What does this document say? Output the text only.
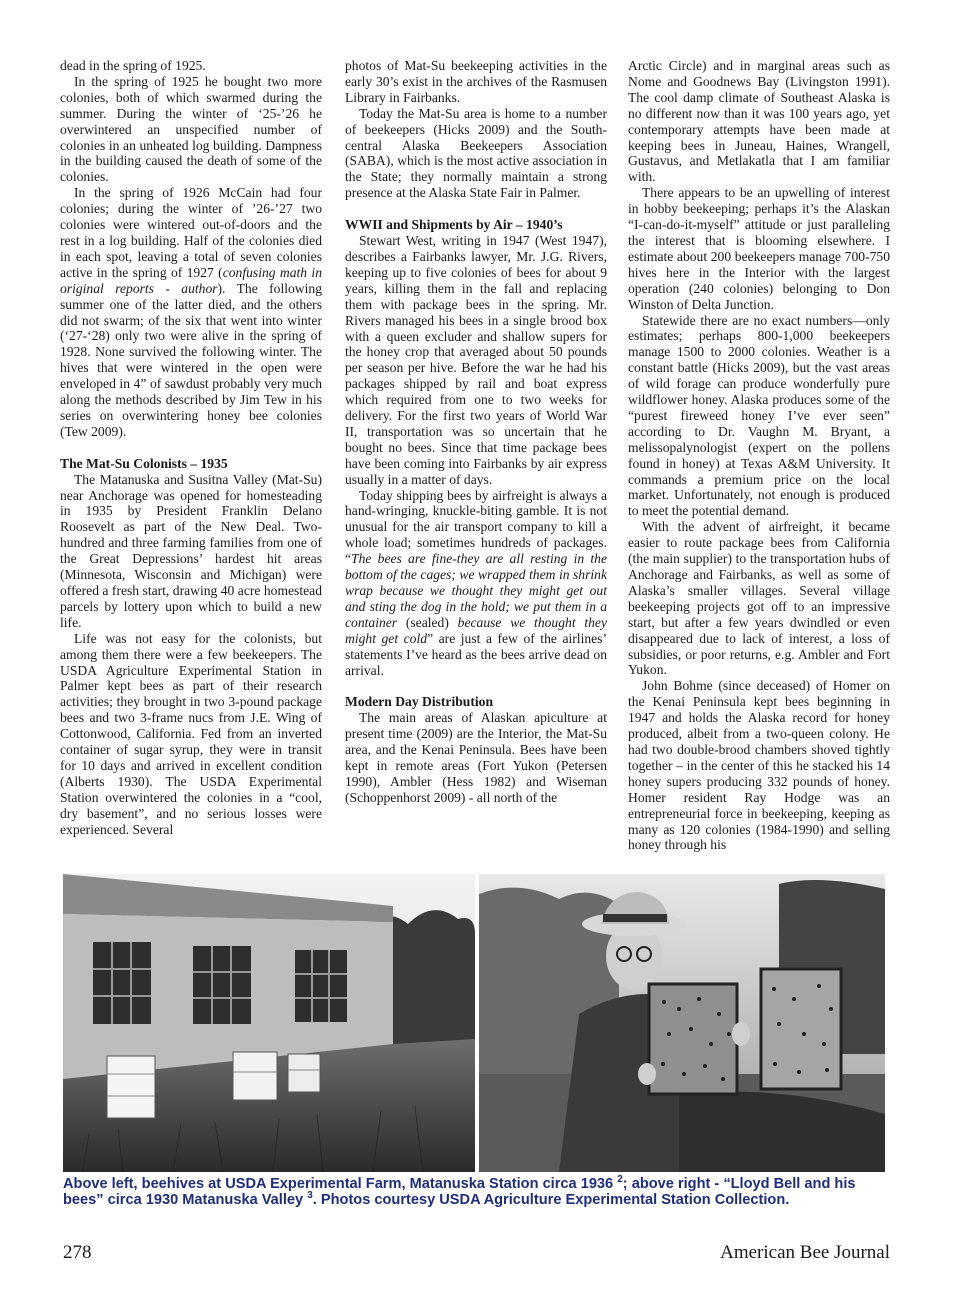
dead in the spring of 1925.

In the spring of 1925 he bought two more colonies, both of which swarmed during the summer. During the winter of ‘25-’26 he overwintered an unspecified number of colonies in an unheated log building. Dampness in the building caused the death of some of the colonies.

In the spring of 1926 McCain had four colonies; during the winter of ’26-’27 two colonies were wintered out-of-doors and the rest in a log building. Half of the colonies died in each spot, leaving a total of seven colonies active in the spring of 1927 (confusing math in original reports - author). The following summer one of the latter died, and the others did not swarm; of the six that went into winter (‘27-‘28) only two were alive in the spring of 1928. None survived the following winter. The hives that were wintered in the open were enveloped in 4” of sawdust probably very much along the methods described by Jim Tew in his series on overwintering honey bee colonies (Tew 2009).

The Mat-Su Colonists – 1935

The Matanuska and Susitna Valley (Mat-Su) near Anchorage was opened for homesteading in 1935 by President Franklin Delano Roosevelt as part of the New Deal. Two-hundred and three farming families from one of the Great Depressions’ hardest hit areas (Minnesota, Wisconsin and Michigan) were offered a fresh start, drawing 40 acre homestead parcels by lottery upon which to build a new life.

Life was not easy for the colonists, but among them there were a few beekeepers. The USDA Agriculture Experimental Station in Palmer kept bees as part of their research activities; they brought in two 3-pound package bees and two 3-frame nucs from J.E. Wing of Cottonwood, California. Fed from an inverted container of sugar syrup, they were in transit for 10 days and arrived in excellent condition (Alberts 1930). The USDA Experimental Station overwintered the colonies in a “cool, dry basement”, and no serious losses were experienced. Several

photos of Mat-Su beekeeping activities in the early 30’s exist in the archives of the Rasmusen Library in Fairbanks.

Today the Mat-Su area is home to a number of beekeepers (Hicks 2009) and the South-central Alaska Beekeepers Association (SABA), which is the most active association in the State; they normally maintain a strong presence at the Alaska State Fair in Palmer.

WWII and Shipments by Air – 1940’s

Stewart West, writing in 1947 (West 1947), describes a Fairbanks lawyer, Mr. J.G. Rivers, keeping up to five colonies of bees for about 9 years, killing them in the fall and replacing them with package bees in the spring. Mr. Rivers managed his bees in a single brood box with a queen excluder and shallow supers for the honey crop that averaged about 50 pounds per season per hive. Before the war he had his packages shipped by rail and boat express which required from one to two weeks for delivery. For the first two years of World War II, transportation was so uncertain that he bought no bees. Since that time package bees have been coming into Fairbanks by air express usually in a matter of days.

Today shipping bees by airfreight is always a hand-wringing, knuckle-biting gamble. It is not unusual for the air transport company to kill a whole load; sometimes hundreds of packages. “The bees are fine-they are all resting in the bottom of the cages; we wrapped them in shrink wrap because we thought they might get out and sting the dog in the hold; we put them in a container (sealed) because we thought they might get cold” are just a few of the airlines’ statements I’ve heard as the bees arrive dead on arrival.

Modern Day Distribution

The main areas of Alaskan apiculture at present time (2009) are the Interior, the Mat-Su area, and the Kenai Peninsula. Bees have been kept in remote areas (Fort Yukon (Petersen 1990), Ambler (Hess 1982) and Wiseman (Schoppenhorst 2009) - all north of the

Arctic Circle) and in marginal areas such as Nome and Goodnews Bay (Livingston 1991). The cool damp climate of Southeast Alaska is no different now than it was 100 years ago, yet contemporary attempts have been made at keeping bees in Juneau, Haines, Wrangell, Gustavus, and Metlakatla that I am familiar with.

There appears to be an upwelling of interest in hobby beekeeping; perhaps it’s the Alaskan “I-can-do-it-myself” attitude or just paralleling the interest that is blooming elsewhere. I estimate about 200 beekeepers manage 700-750 hives here in the Interior with the largest operation (240 colonies) belonging to Don Winston of Delta Junction.

Statewide there are no exact numbers—only estimates; perhaps 800-1,000 beekeepers manage 1500 to 2000 colonies. Weather is a constant battle (Hicks 2009), but the vast areas of wild forage can produce wonderfully pure wildflower honey. Alaska produces some of the “purest fireweed honey I’ve ever seen” according to Dr. Vaughn M. Bryant, a melissopalynologist (expert on the pollens found in honey) at Texas A&M University. It commands a premium price on the local market. Unfortunately, not enough is produced to meet the potential demand.

With the advent of airfreight, it became easier to route package bees from California (the main supplier) to the transportation hubs of Anchorage and Fairbanks, as well as some of Alaska’s smaller villages. Several village beekeeping projects got off to an impressive start, but after a few years dwindled or even disappeared due to lack of interest, a loss of subsidies, or poor returns, e.g. Ambler and Fort Yukon.

John Bohme (since deceased) of Homer on the Kenai Peninsula kept bees beginning in 1947 and holds the Alaska record for honey produced, albeit from a two-queen colony. He had two double-brood chambers shoved tightly together – in the center of this he stacked his 14 honey supers producing 332 pounds of honey. Homer resident Ray Hodge was an entrepreneurial force in beekeeping, keeping as many as 120 colonies (1984-1990) and selling honey through his

Above left, beehives at USDA Experimental Farm, Matanuska Station circa 1936 $^2$; above right - “Lloyd Bell and his bees” circa 1930 Matanuska Valley $^3$. Photos courtesy USDA Agriculture Experimental Station Collection.
278	American Bee Journal
